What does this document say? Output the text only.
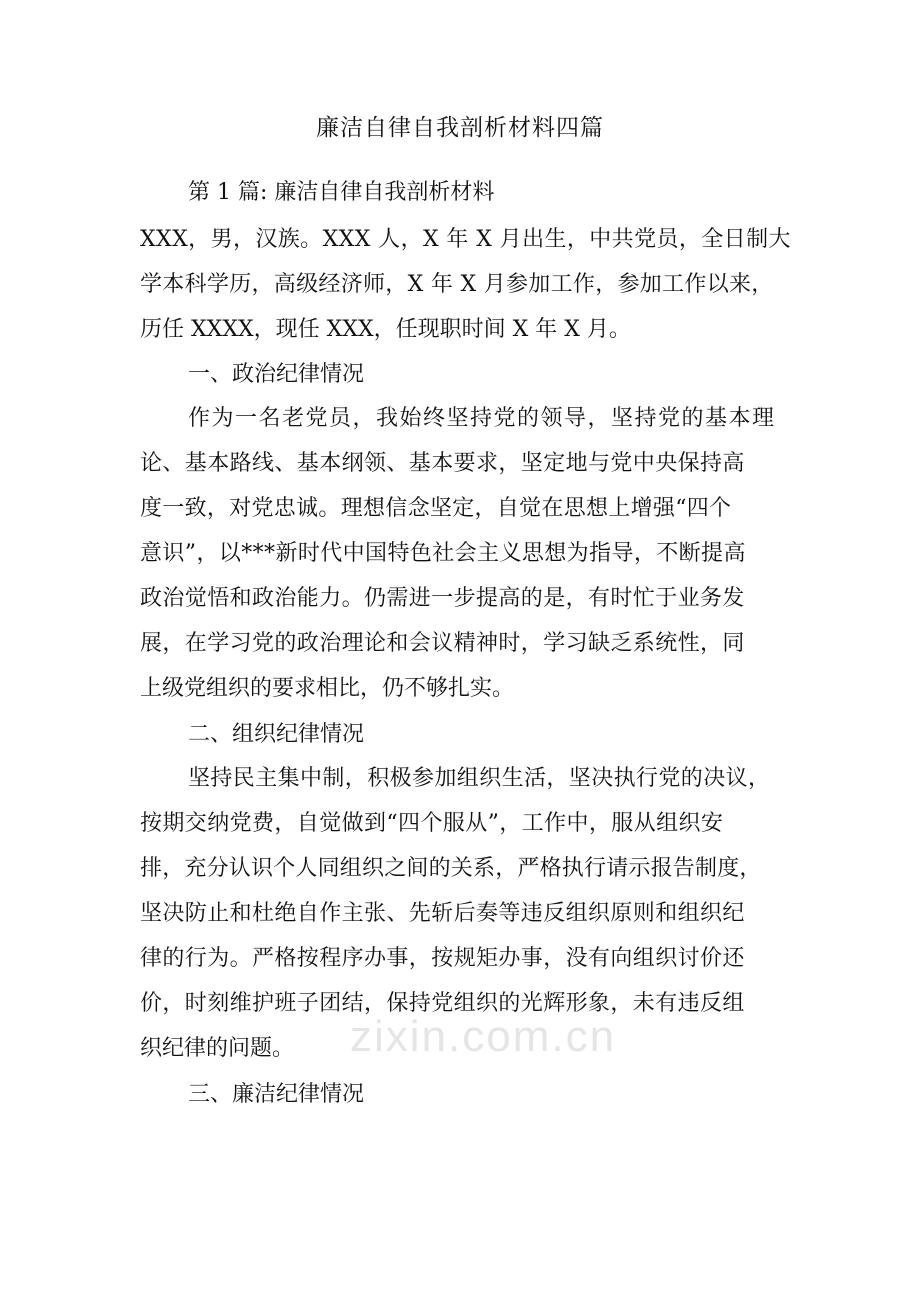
廉洁自律自我剖析材料四篇
第 1 篇: 廉洁自律自我剖析材料
XXX，男，汉族。XXX 人，X 年 X 月出生，中共党员，全日制大
学本科学历，高级经济师，X 年 X 月参加工作，参加工作以来，
历任 XXXX，现任 XXX，任现职时间 X 年 X 月。
一、政治纪律情况
作为一名老党员，我始终坚持党的领导，坚持党的基本理
论、基本路线、基本纲领、基本要求，坚定地与党中央保持高
度一致，对党忠诚。理想信念坚定，自觉在思想上增强“四个
意识”，以***新时代中国特色社会主义思想为指导，不断提高
政治觉悟和政治能力。仍需进一步提高的是，有时忙于业务发
展，在学习党的政治理论和会议精神时，学习缺乏系统性，同
上级党组织的要求相比，仍不够扎实。
二、组织纪律情况
坚持民主集中制，积极参加组织生活，坚决执行党的决议，
按期交纳党费，自觉做到“四个服从”，工作中，服从组织安
排，充分认识个人同组织之间的关系，严格执行请示报告制度，
坚决防止和杜绝自作主张、先斩后奏等违反组织原则和组织纪
律的行为。严格按程序办事，按规矩办事，没有向组织讨价还
价，时刻维护班子团结，保持党组织的光辉形象，未有违反组
织纪律的问题。
三、廉洁纪律情况
zixin.com.cn
